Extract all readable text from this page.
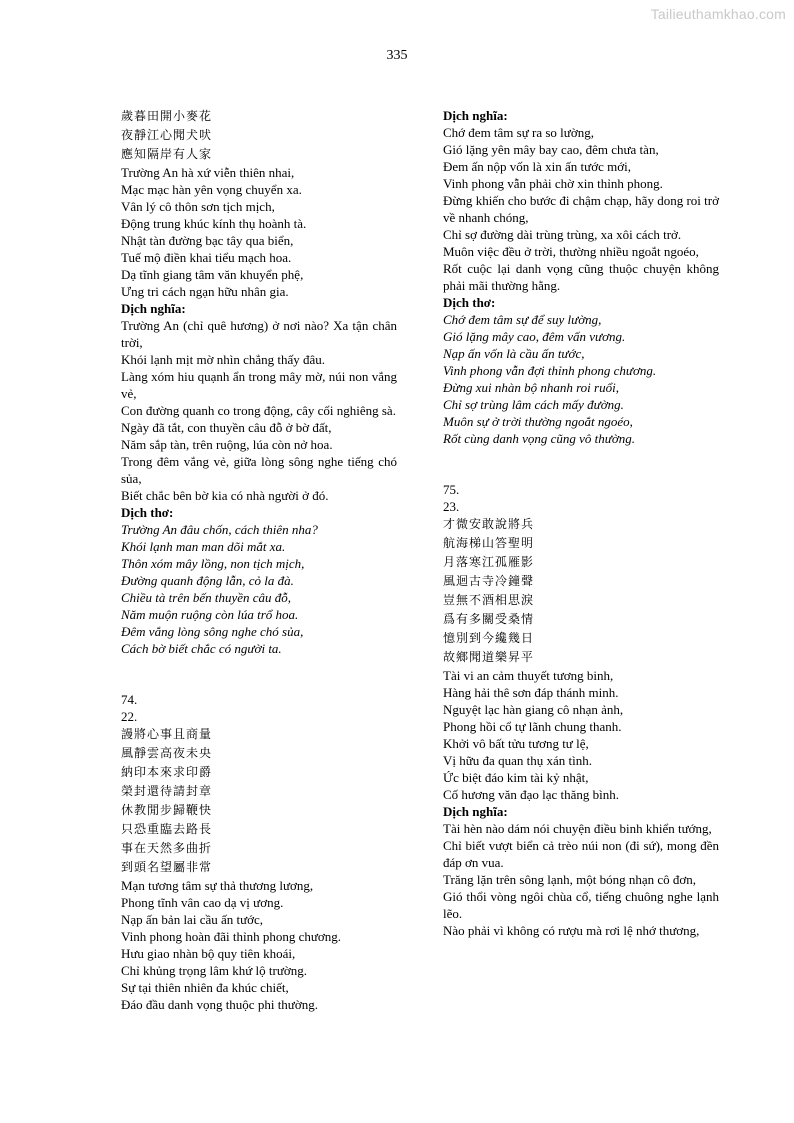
Tailieuthamkhao.com
335
歲暮田開小麥花
夜靜江心聞犬吠
應知隔岸有人家
Trường An hà xứ viễn thiên nhai,
Mạc mạc hàn yên vọng chuyển xa.
Vân lý cô thôn sơn tịch mịch,
Động trung khúc kính thụ hoành tà.
Nhật tàn đường bạc tây qua biển,
Tuế mộ điền khai tiểu mạch hoa.
Dạ tĩnh giang tâm văn khuyển phệ,
Ưng tri cách ngạn hữu nhân gia.
Dịch nghĩa:
Trường An (chỉ quê hương) ở nơi nào? Xa tận chân trời,
Khói lạnh mịt mờ nhìn chẳng thấy đâu.
Làng xóm hiu quạnh ẩn trong mây mờ, núi non vắng vẻ,
Con đường quanh co trong động, cây cối nghiêng sà.
Ngày đã tắt, con thuyền câu đỗ ở bờ đất,
Năm sắp tàn, trên ruộng, lúa còn nở hoa.
Trong đêm vắng vẻ, giữa lòng sông nghe tiếng chó sủa,
Biết chắc bên bờ kia có nhà người ở đó.
Dịch thơ:
Trường An đâu chốn, cách thiên nha?
Khói lạnh man man dõi mắt xa.
Thôn xóm mây lồng, non tịch mịch,
Đường quanh động lẫn, cỏ la đà.
Chiều tà trên bến thuyền câu đỗ,
Năm muộn ruộng còn lúa trổ hoa.
Đêm vắng lòng sông nghe chó sủa,
Cách bờ biết chắc có người ta.
74.
22.
謾將心事且商量
風靜雲高夜未央
納印本來求印爵
榮封還待請封章
休教閒步歸鞭快
只恐重臨去路長
事在天然多曲折
到頭名望屬非常
Mạn tương tâm sự thả thương lương,
Phong tĩnh vân cao dạ vị ương.
Nạp ấn bản lai cầu ấn tước,
Vinh phong hoàn đãi thỉnh phong chương.
Hưu giao nhàn bộ quy tiên khoái,
Chỉ khủng trọng lâm khứ lộ trường.
Sự tại thiên nhiên đa khúc chiết,
Đáo đầu danh vọng thuộc phi thường.
Dịch nghĩa:
Chớ đem tâm sự ra so lường,
Gió lặng yên mây bay cao, đêm chưa tàn,
Đem ấn nộp vốn là xin ấn tước mới,
Vinh phong vẫn phải chờ xin thỉnh phong.
Đừng khiến cho bước đi chậm chạp, hãy dong roi trở về nhanh chóng,
Chỉ sợ đường dài trùng trùng, xa xôi cách trở.
Muôn việc đều ở trời, thường nhiều ngoắt ngoéo,
Rốt cuộc lại danh vọng cũng thuộc chuyện không phải mãi thường hằng.
Dịch thơ:
Chớ đem tâm sự để suy lường,
Gió lặng mây cao, đêm vấn vương.
Nạp ấn vốn là cầu ấn tước,
Vinh phong vẫn đợi thỉnh phong chương.
Đừng xui nhàn bộ nhanh roi ruổi,
Chỉ sợ trùng lâm cách mấy đường.
Muôn sự ở trời thường ngoắt ngoéo,
Rốt cùng danh vọng cũng vô thường.
75.
23.
才微安敢說將兵
航海梯山答聖明
月落寒江孤雁影
風迴古寺冷鐘聲
豈無不酒相思淚
爲有多關受桑情
憶別到今纔幾日
故鄉聞道樂昇平
Tài vi an cảm thuyết tương binh,
Hàng hải thê sơn đáp thánh minh.
Nguyệt lạc hàn giang cô nhạn ảnh,
Phong hồi cổ tự lãnh chung thanh.
Khởi vô bất tửu tương tư lệ,
Vị hữu đa quan thụ xán tình.
Ức biệt đáo kim tài kỷ nhật,
Cố hương văn đạo lạc thăng bình.
Dịch nghĩa:
Tài hèn nào dám nói chuyện điều binh khiển tướng,
Chỉ biết vượt biển cả trèo núi non (đi sứ), mong đền đáp ơn vua.
Trăng lặn trên sông lạnh, một bóng nhạn cô đơn,
Gió thổi vòng ngôi chùa cổ, tiếng chuông nghe lạnh lẽo.
Nào phải vì không có rượu mà rơi lệ nhớ thương,
